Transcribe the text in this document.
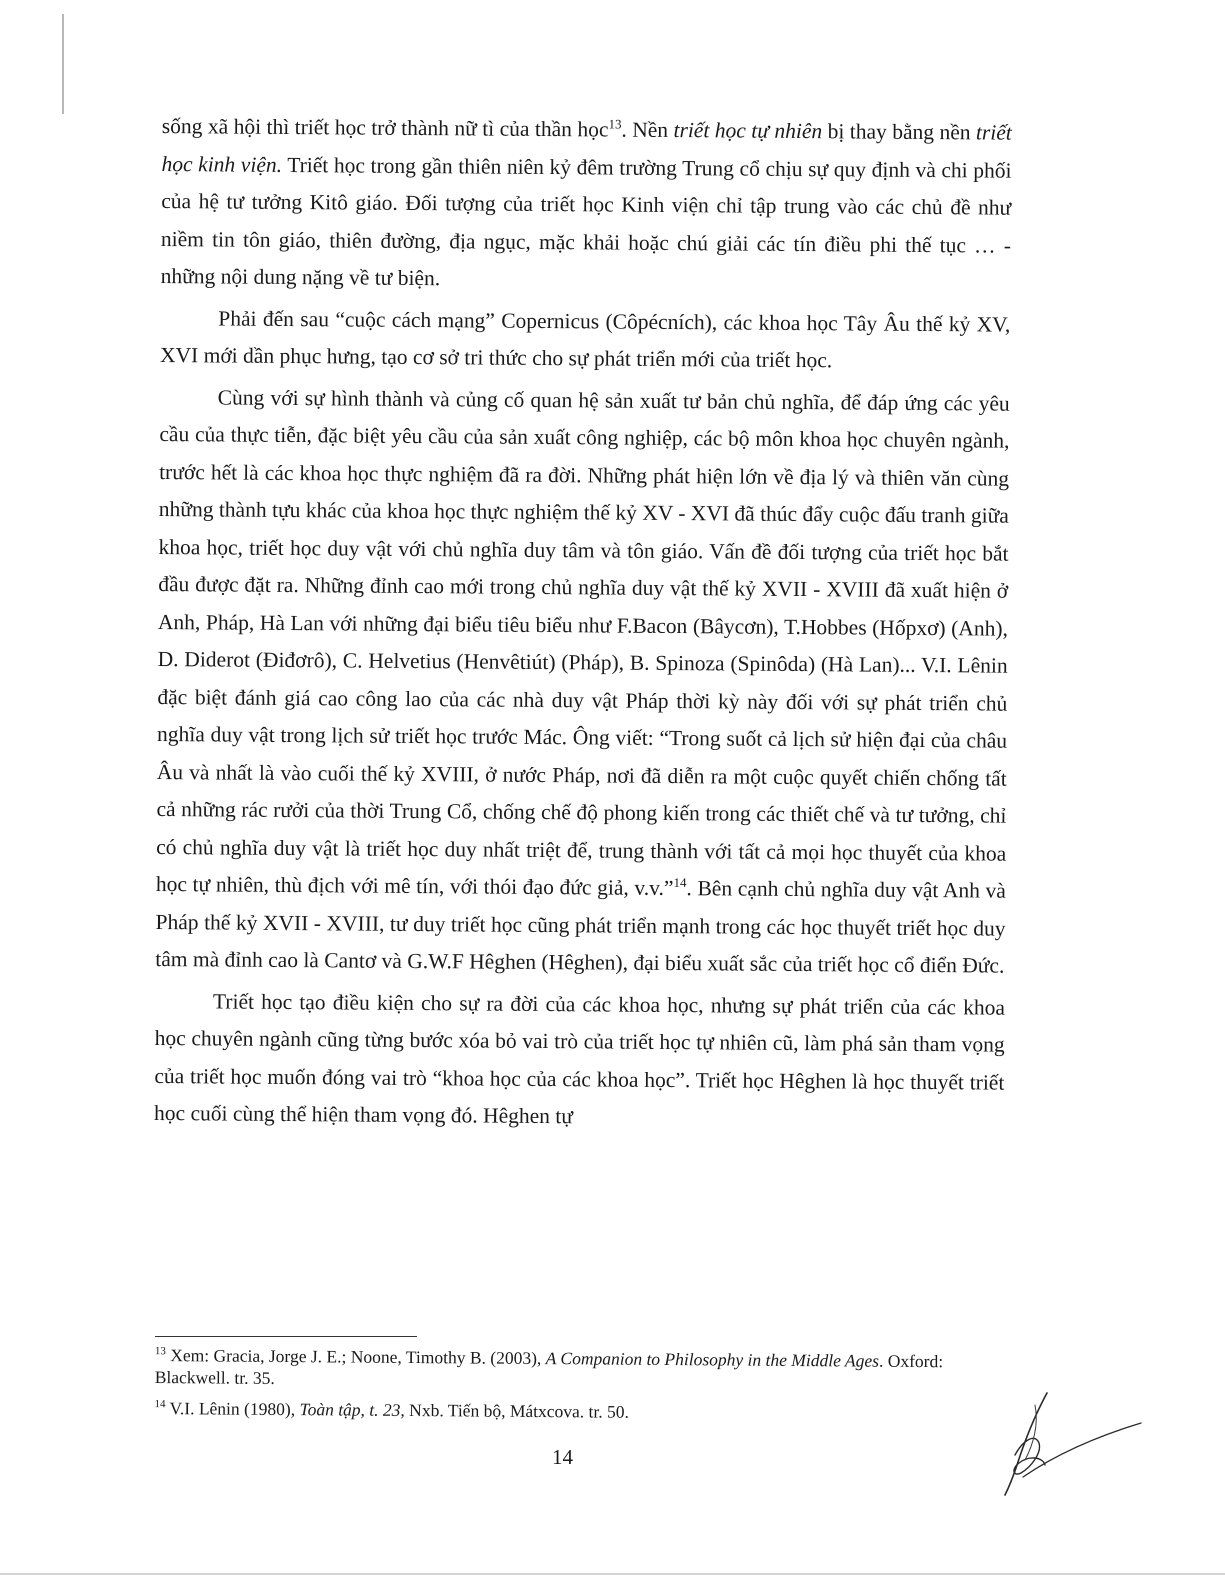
sống xã hội thì triết học trở thành nữ tì của thần học$^{13}$. Nền triết học tự nhiên bị thay bằng nền triết học kinh viện. Triết học trong gần thiên niên kỷ đêm trường Trung cổ chịu sự quy định và chi phối của hệ tư tưởng Kitô giáo. Đối tượng của triết học Kinh viện chỉ tập trung vào các chủ đề như niềm tin tôn giáo, thiên đường, địa ngục, mặc khải hoặc chú giải các tín điều phi thế tục … - những nội dung nặng về tư biện.

Phải đến sau “cuộc cách mạng” Copernicus (Côpécních), các khoa học Tây Âu thế kỷ XV, XVI mới dần phục hưng, tạo cơ sở tri thức cho sự phát triển mới của triết học.

Cùng với sự hình thành và củng cố quan hệ sản xuất tư bản chủ nghĩa, để đáp ứng các yêu cầu của thực tiễn, đặc biệt yêu cầu của sản xuất công nghiệp, các bộ môn khoa học chuyên ngành, trước hết là các khoa học thực nghiệm đã ra đời. Những phát hiện lớn về địa lý và thiên văn cùng những thành tựu khác của khoa học thực nghiệm thế kỷ XV - XVI đã thúc đẩy cuộc đấu tranh giữa khoa học, triết học duy vật với chủ nghĩa duy tâm và tôn giáo. Vấn đề đối tượng của triết học bắt đầu được đặt ra. Những đỉnh cao mới trong chủ nghĩa duy vật thế kỷ XVII - XVIII đã xuất hiện ở Anh, Pháp, Hà Lan với những đại biểu tiêu biểu như F.Bacon (Bâycơn), T.Hobbes (Hốpxơ) (Anh), D. Diderot (Điđơrô), C. Helvetius (Henvêtiút) (Pháp), B. Spinoza (Spinôda) (Hà Lan)... V.I. Lênin đặc biệt đánh giá cao công lao của các nhà duy vật Pháp thời kỳ này đối với sự phát triển chủ nghĩa duy vật trong lịch sử triết học trước Mác. Ông viết: “Trong suốt cả lịch sử hiện đại của châu Âu và nhất là vào cuối thế kỷ XVIII, ở nước Pháp, nơi đã diễn ra một cuộc quyết chiến chống tất cả những rác rưởi của thời Trung Cổ, chống chế độ phong kiến trong các thiết chế và tư tưởng, chỉ có chủ nghĩa duy vật là triết học duy nhất triệt để, trung thành với tất cả mọi học thuyết của khoa học tự nhiên, thù địch với mê tín, với thói đạo đức giả, v.v.”$^{14}$. Bên cạnh chủ nghĩa duy vật Anh và Pháp thế kỷ XVII - XVIII, tư duy triết học cũng phát triển mạnh trong các học thuyết triết học duy tâm mà đỉnh cao là Cantơ và G.W.F Hêghen (Hêghen), đại biểu xuất sắc của triết học cổ điển Đức.

Triết học tạo điều kiện cho sự ra đời của các khoa học, nhưng sự phát triển của các khoa học chuyên ngành cũng từng bước xóa bỏ vai trò của triết học tự nhiên cũ, làm phá sản tham vọng của triết học muốn đóng vai trò “khoa học của các khoa học”. Triết học Hêghen là học thuyết triết học cuối cùng thể hiện tham vọng đó. Hêghen tự

$^{13}$ Xem: Gracia, Jorge J. E.; Noone, Timothy B. (2003), A Companion to Philosophy in the Middle Ages. Oxford: Blackwell. tr. 35.

$^{14}$ V.I. Lênin (1980), Toàn tập, t. 23, Nxb. Tiến bộ, Mátxcova. tr. 50.

14
